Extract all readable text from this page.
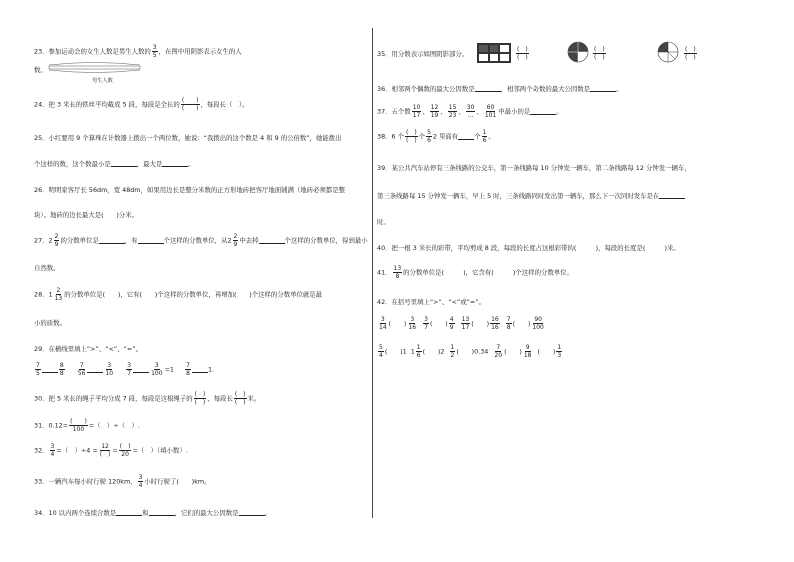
23．参加运动会的女生人数是男生人数的 $\frac{3}{5}$ ，在图中用阴影表示女生的人
数。
男生人数
24．把 3 米长的铁丝平均截成 5 段，每段是全长的 $\frac{( )}{( )}$ ，每段长（　）。
25．小红要用 9 个算珠在计数器上拨出一个两位数，她说：“我拨出的这个数是 4 和 9 的公倍数”，她能拨出
个这样的数，这个数最小是	，最大是	。
26．明明家客厅长 56dm，宽 48dm，如果用边长是整分米数的正方形地砖把客厅地面铺满（地砖必须都是整
块）。地砖的边长最大是(　　)分米。
27．$2 \frac{2}{9}$ 的分数单位是	，有	个这样的分数单位，从$2 \frac{2}{9}$ 中去掉	个这样的分数单位，得到最小
自然数。
28．$1 \frac{2}{13}$ 的分数单位是(　　)，它有(　　)个这样的分数单位，再增加(　　)个这样的分数单位就是最
小的质数。
29．在横线里填上“>”、“<”、“=”。
$\frac{7}{5}$	$\frac{8}{8}$
$\frac{7}{56}$	$\frac{3}{10}$
$\frac{3}{7}$	$\frac{3}{100} =1 \frac{7}{8}$	1.
30．把 5 米长的绳子平均分成 7 段，每段是这根绳子的 $\frac{( )}{( )}$ ，每段长 $\frac{( )}{( )}$ 米。
31．$0.12= \frac{( )}{100}$ =（　）÷（　）.
32． $\frac{3}{4}$ =（　）$\div 4 = \frac{12}{( )} = \frac{( )}{20}$ =（　）（填小数）.
33．一辆汽车每小时行驶 120km， $\frac{3}{4}$ 小时行驶了(　　)km。
34．10 以内两个连续合数是	和	，它们的最大公因数是	。
35．用分数表示如图阴影部分。	$\frac{( )}{( )}$	$\frac{( )}{( )}$	$\frac{( )}{( )}$
36．相邻两个偶数的最大公因数是	，相邻两个奇数的最大公因数是	。
37．五个数 $\frac{10}{17}$ 、 $\frac{12}{19}$ 、 $\frac{15}{23}$ 、 $\frac{30}{\dots}$ 、 $\frac{60}{101}$ 中最小的是	。
38．6 个 $\frac{( )}{( )}$ 个 $\frac{5}{6} 2$ 里面有	个 $\frac{1}{6}$ 。
39．某公共汽车站停有三条线路的公交车，第一条线路每 10 分钟发一辆车，第二条线路每 12 分钟发一辆车，
第三条线路每 15 分钟发一辆车，早上 5 时，三条线路同时发出第一辆车，那么下一次同时发车是在
时。
40．把一根 3 米长的彩带，平均剪成 8 段，每段的长度占这根彩带的(　　　)，每段的长度是(　　　)米。
41． $\frac{13}{8}$ 的分数单位是(　　　)，它含有(　　　)个这样的分数单位。
42．在括号里填上“>”、“<”或“=”。
$\frac{3}{14}$ (　　) $\frac{3}{16}$
$\frac{3}{7}$ (　　) $\frac{4}{9}$
$\frac{13}{17}$ (　　) $\frac{16}{16}$
$\frac{7}{8}$ (　　) $\frac{90}{100}$
$\frac{5}{4}$ (　　)1  $1 \frac{1}{6}$ (　　)$2 \frac{1}{2}$ (　　)$0.34 \frac{7}{20}$ (　　) $\frac{9}{18}$ (　　) $\frac{1}{3}$
